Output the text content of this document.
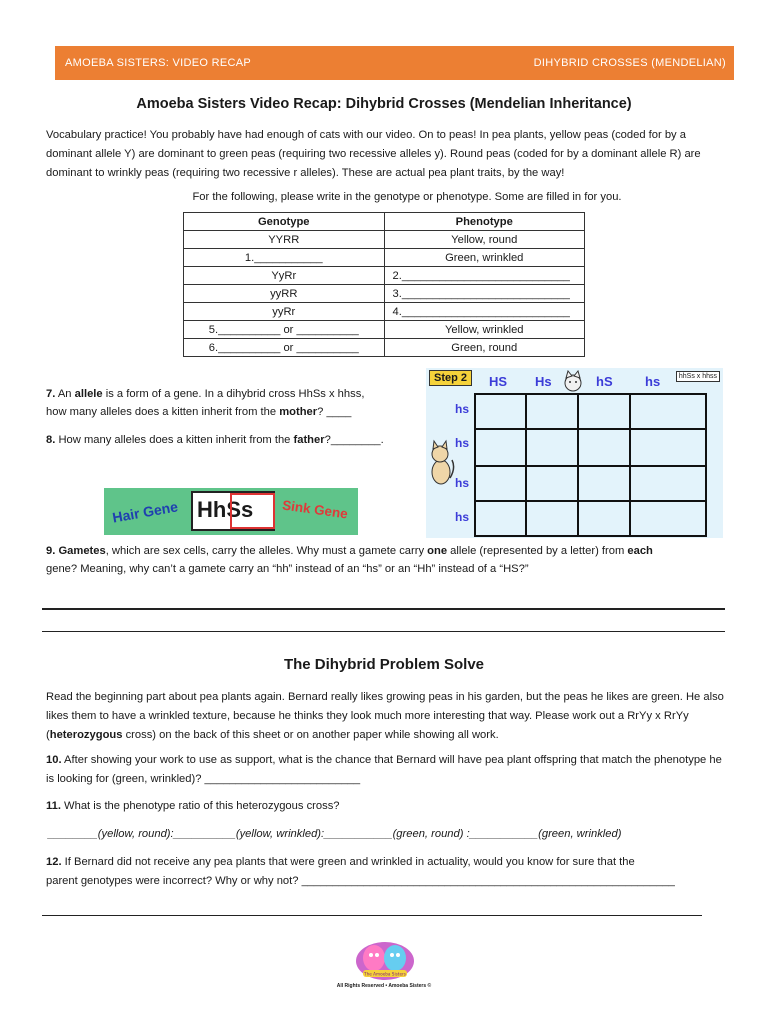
AMOEBA SISTERS: VIDEO RECAP	DIHYBRID CROSSES (MENDELIAN)
Amoeba Sisters Video Recap: Dihybrid Crosses (Mendelian Inheritance)
Vocabulary practice! You probably have had enough of cats with our video. On to peas! In pea plants, yellow peas (coded for by a dominant allele Y) are dominant to green peas (requiring two recessive alleles y). Round peas (coded for by a dominant allele R) are dominant to wrinkly peas (requiring two recessive r alleles). These are actual pea plant traits, by the way!
For the following, please write in the genotype or phenotype. Some are filled in for you.
Genotype	Phenotype
YYRR	Yellow, round
1.___________	Green, wrinkled
YyRr	2.___________________________
yyRR	3.___________________________
yyRr	4.___________________________
5.__________ or __________	Yellow, wrinkled
6.__________ or __________	Green, round
7. An allele is a form of a gene. In a dihybrid cross HhSs x hhss,
how many alleles does a kitten inherit from the mother? ____
8. How many alleles does a kitten inherit from the father?________.
Hair Gene HhSs Sink Gene
Step 2	hhSs x hhss
HS Hs	hS hs
hs
hs
hs
hs
9. Gametes, which are sex cells, carry the alleles. Why must a gamete carry one allele (represented by a letter) from each
gene? Meaning, why can’t a gamete carry an “hh” instead of an “hs” or an “Hh” instead of a “HS?”
The Dihybrid Problem Solve
Read the beginning part about pea plants again. Bernard really likes growing peas in his garden, but the peas he likes are green. He also likes them to have a wrinkled texture, because he thinks they look much more interesting that way. Please work out a RrYy x RrYy (heterozygous cross) on the back of this sheet or on another paper while showing all work.
10. After showing your work to use as support, what is the chance that Bernard will have pea plant offspring that match the phenotype he is looking for (green, wrinkled)? _________________________
11. What is the phenotype ratio of this heterozygous cross?
________(yellow, round):__________(yellow, wrinkled):___________(green, round) :___________(green, wrinkled)
12. If Bernard did not receive any pea plants that were green and wrinkled in actuality, would you know for sure that the
parent genotypes were incorrect? Why or why not? ____________________________________________________________
The Amoeba Sisters
All Rights Reserved • Amoeba Sisters ©
